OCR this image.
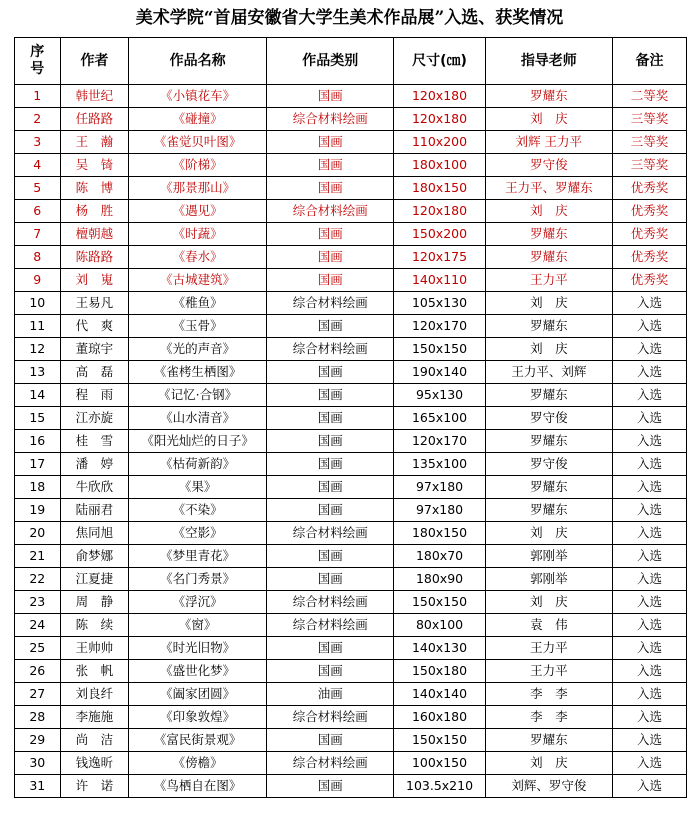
美术学院“首届安徽省大学生美术作品展”入选、获奖情况
序
号	作者	作品名称	作品类别	尺寸(㎝)	指导老师	备注
1	韩世纪	《小镇花车》	国画	120x180	罗耀东	二等奖
2	任路路	《碰撞》	综合材料绘画	120x180	刘　庆	三等奖
3	王　瀚	《雀觉贝叶图》	国画	110x200	刘辉 王力平	三等奖
4	吴　锜	《阶梯》	国画	180x100	罗守俊	三等奖
5	陈　博	《那景那山》	国画	180x150	王力平、罗耀东	优秀奖
6	杨　胜	《遇见》	综合材料绘画	120x180	刘　庆	优秀奖
7	檀朝越	《时蔬》	国画	150x200	罗耀东	优秀奖
8	陈路路	《春水》	国画	120x175	罗耀东	优秀奖
9	刘　嵬	《古城建筑》	国画	140x110	王力平	优秀奖
10	王易凡	《稚鱼》	综合材料绘画	105x130	刘　庆	入选
11	代　爽	《玉骨》	国画	120x170	罗耀东	入选
12	董琼宇	《光的声音》	综合材料绘画	150x150	刘　庆	入选
13	高　磊	《雀栲生栖图》	国画	190x140	王力平、刘辉	入选
14	程　雨	《记忆·合钢》	国画	95x130	罗耀东	入选
15	江亦旋	《山水清音》	国画	165x100	罗守俊	入选
16	桂　雪	《阳光灿烂的日子》	国画	120x170	罗耀东	入选
17	潘　婷	《枯荷新韵》	国画	135x100	罗守俊	入选
18	牛欣欣	《果》	国画	97x180	罗耀东	入选
19	陆丽君	《不染》	国画	97x180	罗耀东	入选
20	焦同旭	《空影》	综合材料绘画	180x150	刘　庆	入选
21	俞梦娜	《梦里青花》	国画	180x70	郭刚举	入选
22	江夏捷	《名门秀景》	国画	180x90	郭刚举	入选
23	周　静	《浮沉》	综合材料绘画	150x150	刘　庆	入选
24	陈　续	《窗》	综合材料绘画	80x100	袁　伟	入选
25	王帅帅	《时光旧物》	国画	140x130	王力平	入选
26	张　帆	《盛世化梦》	国画	150x180	王力平	入选
27	刘良纤	《阖家团圆》	油画	140x140	李　李	入选
28	李施施	《印象敦煌》	综合材料绘画	160x180	李　李	入选
29	尚　洁	《富民街景观》	国画	150x150	罗耀东	入选
30	钱逸昕	《傍檐》	综合材料绘画	100x150	刘　庆	入选
31	许　诺	《鸟栖自在图》	国画	103.5x210	刘辉、罗守俊	入选
